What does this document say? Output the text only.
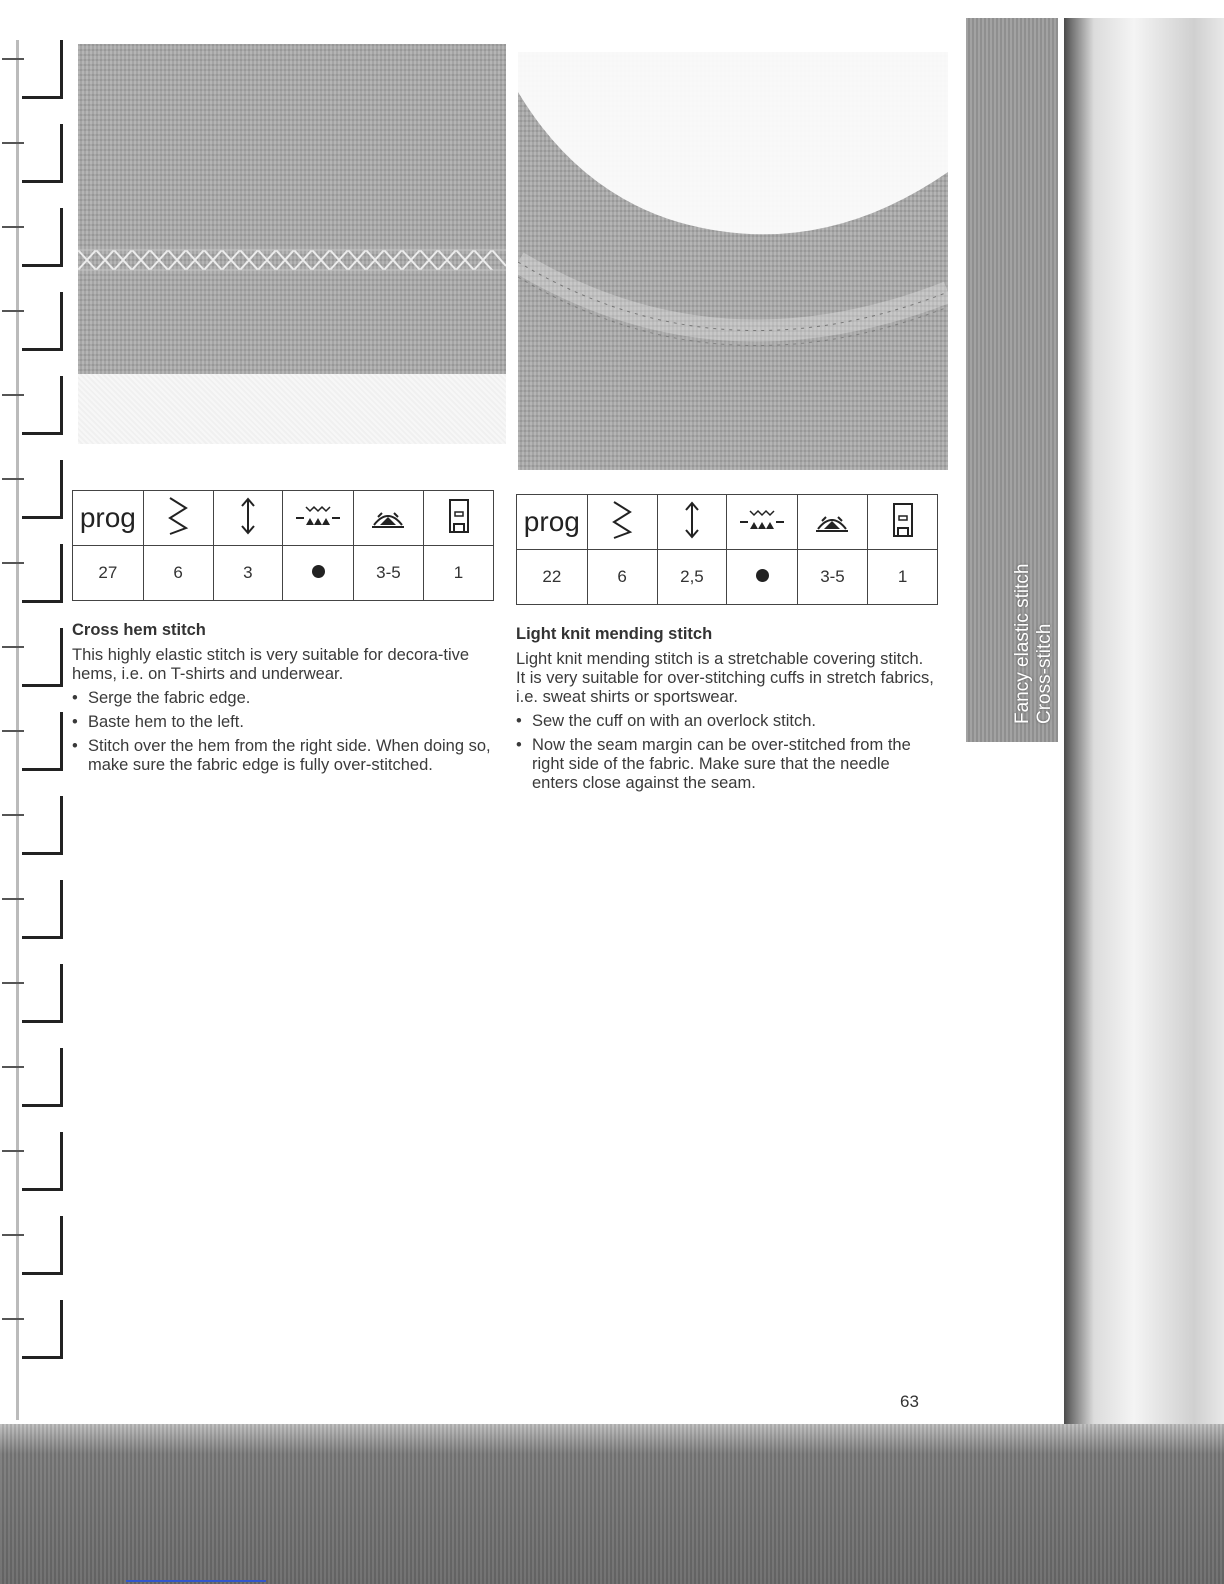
prog					
27	6	3		3-5	1
prog					
22	6	2,5		3-5	1
Cross hem stitch

This highly elastic stitch is very suitable for decora-tive hems, i.e. on T-shirts and underwear.

• Serge the fabric edge.
• Baste hem to the left.
• Stitch over the hem from the right side. When doing so, make sure the fabric edge is fully over-stitched.
Light knit mending stitch

Light knit mending stitch is a stretchable covering stitch. It is very suitable for over-stitching cuffs in stretch fabrics, i.e. sweat shirts or sportswear.

• Sew the cuff on with an overlock stitch.
• Now the seam margin can be over-stitched from the right side of the fabric. Make sure that the needle enters close against the seam.
Fancy elastic stitch Cross-stitch
63
